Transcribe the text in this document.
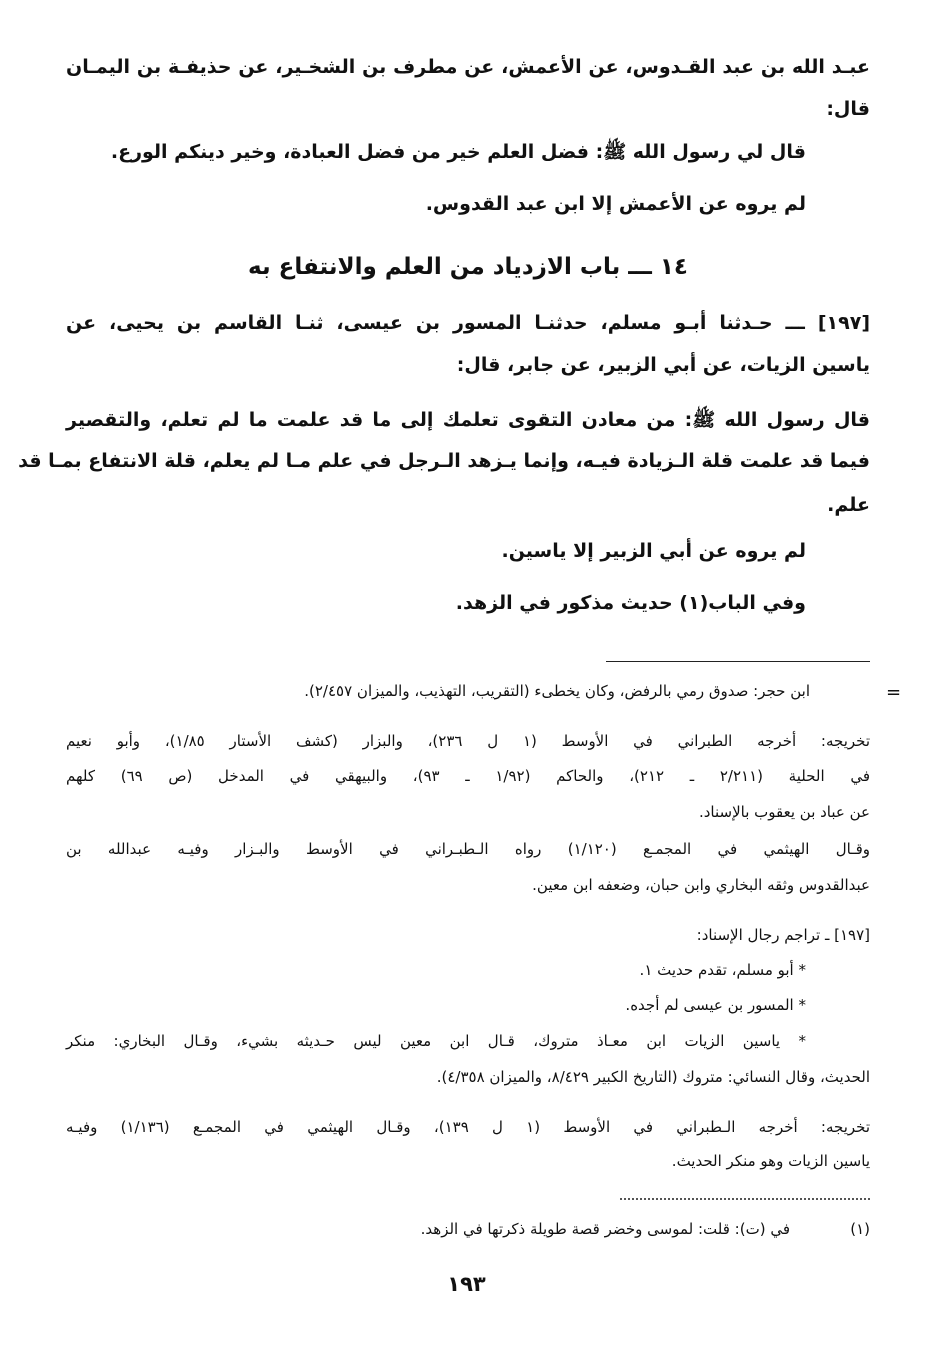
عبـد الله بن عبد القـدوس، عن الأعمش، عن مطرف بن الشخـير، عن حذيفـة بن اليمـان
قال:
قال لي رسول الله ﷺ: فضل العلم خير من فضل العبادة، وخير دينكم الورع.
لم يروه عن الأعمش إلا ابن عبد القدوس.
١٤ ـــ باب الازدياد من العلم والانتفاع به
[١٩٧] ـــ حـدثنا أبـو مسلم، حدثنـا المسور بن عيسى، ثنـا القاسم بن يحيى، عن
ياسين الزيات، عن أبي الزبير، عن جابر، قال:
قال رسول الله ﷺ: من معادن التقوى تعلمك إلى ما قد علمت ما لم تعلم، والتقصير
فيما قد علمت قلة الـزيادة فيـه، وإنما يـزهد الـرجل في علم مـا لم يعلم، قلة الانتفاع بمـا قد
علم.
لم يروه عن أبي الزبير إلا ياسين.
وفي الباب(١) حديث مذكور في الزهد.
=
ابن حجر: صدوق رمي بالرفض، وكان يخطىء (التقريب، التهذيب، والميزان ٢/٤٥٧).
تخريجه: أخرجه الطبراني في الأوسط (١ ل ٢٣٦)، والبزار (كشف الأستار ١/٨٥)، وأبو نعيم
في الحلية (٢/٢١١ ـ ٢١٢)، والحاكم (١/٩٢ ـ ٩٣)، والبيهقي في المدخل (ص ٦٩) كلهم
عن عباد بن يعقوب بالإسناد.
وقـال الهيثمي في المجمـع (١/١٢٠) رواه الـطبـراني في الأوسط والبـزار وفيـه عبدالله بن
عبدالقدوس وثقه البخاري وابن حبان، وضعفه ابن معين.
[١٩٧] ـ تراجم رجال الإسناد:
* أبو مسلم، تقدم حديث ١.
* المسور بن عيسى لم أجده.
* ياسين الزيات ابن معـاذ متروك، قـال ابن معين ليس حـديثه بشيء، وقـال البخاري: منكر
الحديث، وقال النسائي: متروك (التاريخ الكبير ٨/٤٢٩، والميزان ٤/٣٥٨).
تخريجه: أخرجه الـطبراني في الأوسط (١ ل ١٣٩)، وقـال الهيثمي في المجمـع (١/١٣٦) وفيـه
ياسين الزيات وهو منكر الحديث.
(١)
في (ت): قلت: لموسى وخضر قصة طويلة ذكرتها في الزهد.
١٩٣
